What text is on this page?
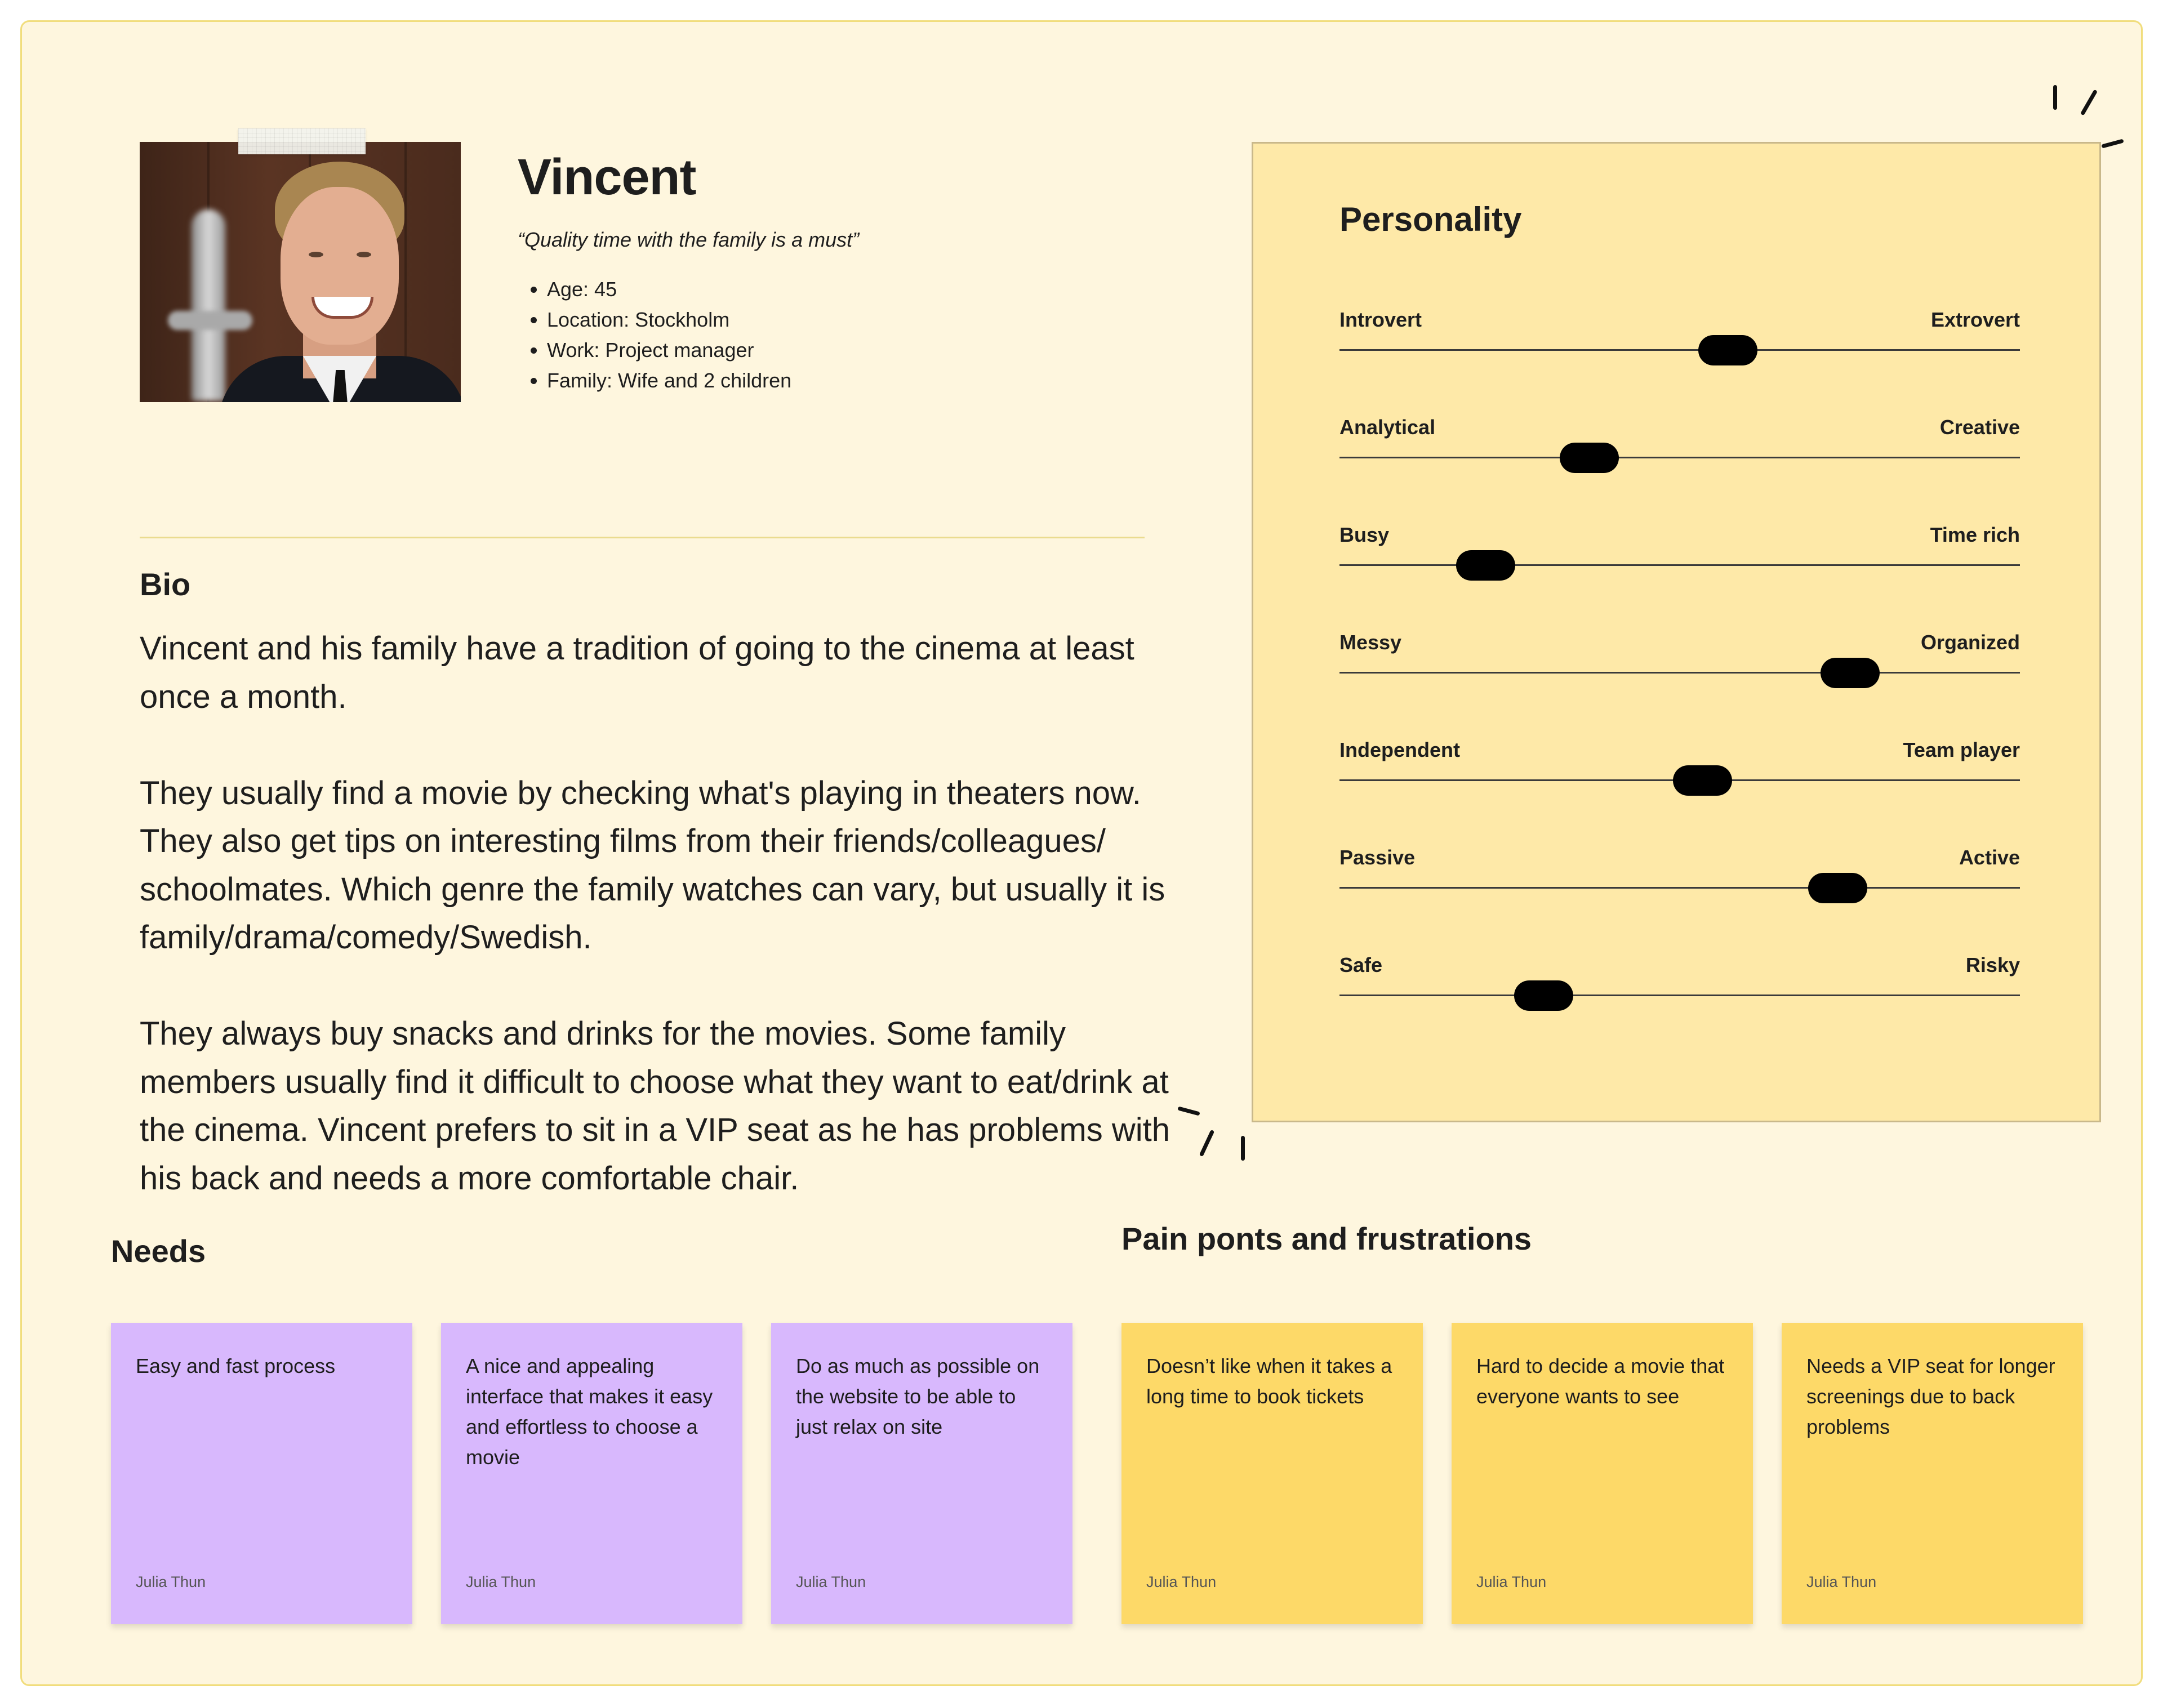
Vincent
“Quality time with the family is a must”
• Age: 45
• Location: Stockholm
• Work: Project manager
• Family: Wife and 2 children
Bio

Vincent and his family have a tradition of going to the cinema at least once a month.

They usually find a movie by checking what's playing in theaters now. They also get tips on interesting films from their friends/colleagues/ schoolmates. Which genre the family watches can vary, but usually it is family/drama/comedy/Swedish.

They always buy snacks and drinks for the movies. Some family members usually find it difficult to choose what they want to eat/drink at the cinema. Vincent prefers to sit in a VIP seat as he has problems with his back and needs a more comfortable chair.

Personality
Introvert	Extrovert
Analytical	Creative
Busy	Time rich
Messy	Organized
Independent	Team player
Passive	Active
Safe	Risky
Needs
Easy and fast process
Julia Thun
A nice and appealing interface that makes it easy and effortless to choose a movie
Julia Thun
Do as much as possible on the website to be able to just relax on site
Julia Thun
Pain ponts and frustrations
Doesn’t like when it takes a long time to book tickets
Julia Thun
Hard to decide a movie that everyone wants to see
Julia Thun
Needs a VIP seat for longer screenings due to back problems
Julia Thun
